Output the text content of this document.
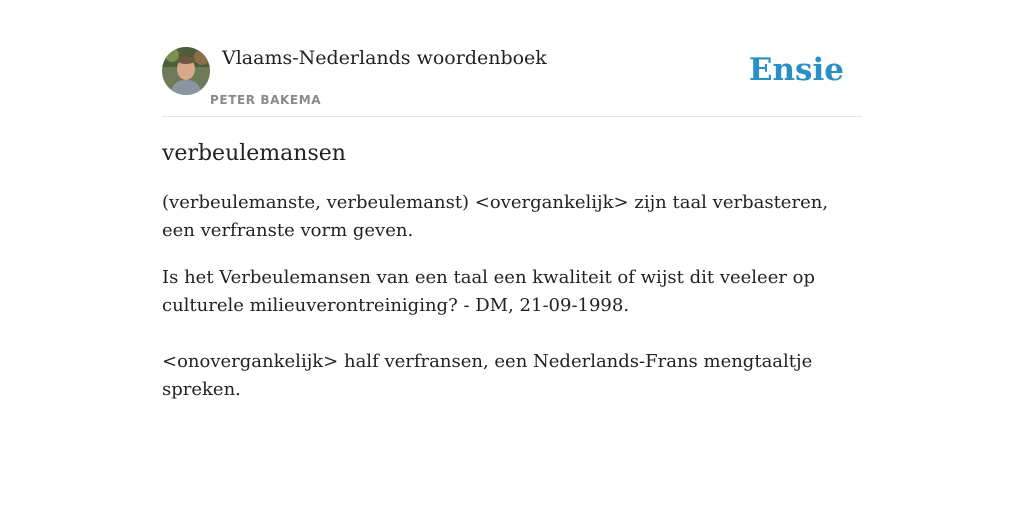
Vlaams-Nederlands woordenboek
PETER BAKEMA
Ensie
verbeulemansen

(verbeulemanste, verbeulemanst) <overgankelijk> zijn taal verbasteren, een verfranste vorm geven.

Is het Verbeulemansen van een taal een kwaliteit of wijst dit veeleer op culturele milieuverontreiniging? - DM, 21-09-1998.

<onovergankelijk> half verfransen, een Nederlands-Frans mengtaaltje spreken.
